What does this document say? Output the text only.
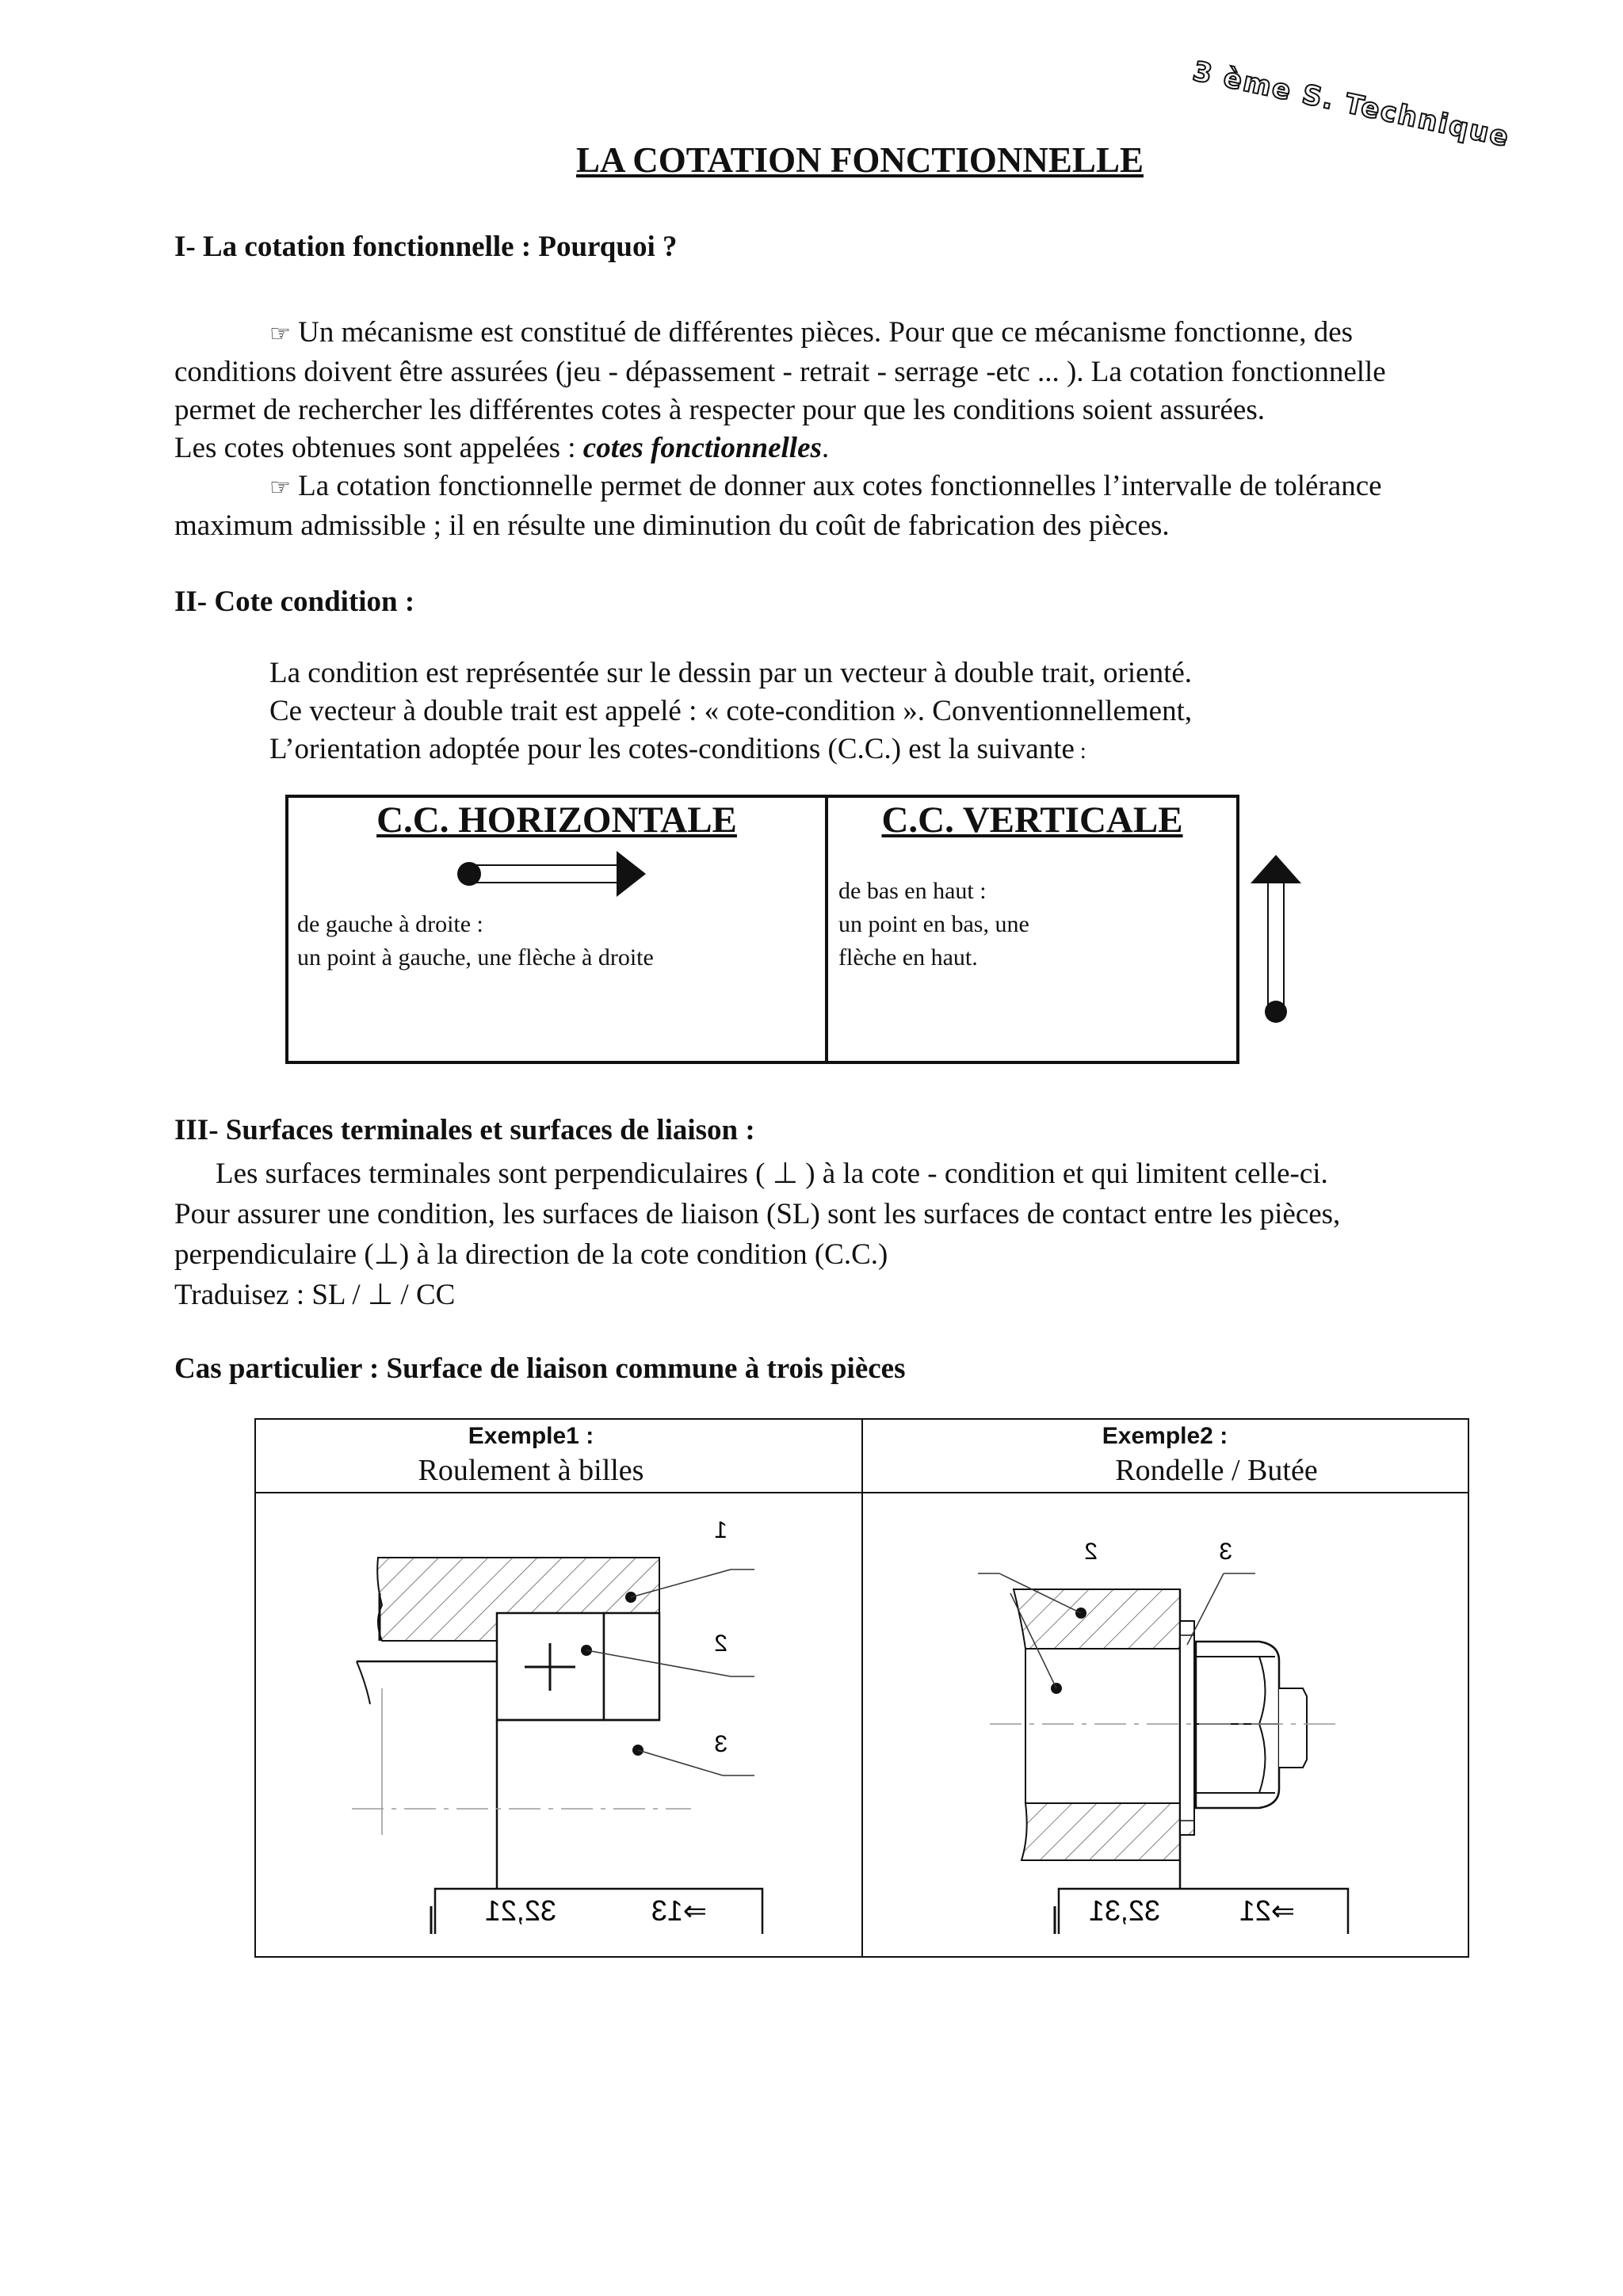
3 ème S. Technique
LA COTATION FONCTIONNELLE
I- La cotation fonctionnelle : Pourquoi ?

☞ Un mécanisme est constitué de différentes pièces. Pour que ce mécanisme fonctionne, des

conditions doivent être assurées (jeu - dépassement - retrait - serrage -etc ... ). La cotation fonctionnelle

permet de rechercher les différentes cotes à respecter pour que les conditions soient assurées.

Les cotes obtenues sont appelées : cotes fonctionnelles.

☞ La cotation fonctionnelle permet de donner aux cotes fonctionnelles l’intervalle de tolérance

maximum admissible ; il en résulte une diminution du coût de fabrication des pièces.

II- Cote condition :

La condition est représentée sur le dessin par un vecteur à double trait, orienté.

Ce vecteur à double trait est appelé : « cote-condition ». Conventionnellement,

L’orientation adoptée pour les cotes-conditions (C.C.) est la suivante :

C.C. HORIZONTALE	C.C. VERTICALE
de gauche à droite :
un point à gauche, une flèche à droite
de bas en haut :
un point en bas, une
flèche en haut.
III- Surfaces terminales et surfaces de liaison :

Les surfaces terminales sont perpendiculaires ( ⊥ ) à la cote - condition et qui limitent celle-ci.

Pour assurer une condition, les surfaces de liaison (SL) sont les surfaces de contact entre les pièces,

perpendiculaire (⊥) à la direction de la cote condition (C.C.)

Traduisez : SL / ⊥ / CC

Cas particulier : Surface de liaison commune à trois pièces
Exemple1 :
Roulement à billes
Exemple2 :
Rondelle / Butée
1
2
3
32,21	⇒13
2	3
32,31	⇒21
